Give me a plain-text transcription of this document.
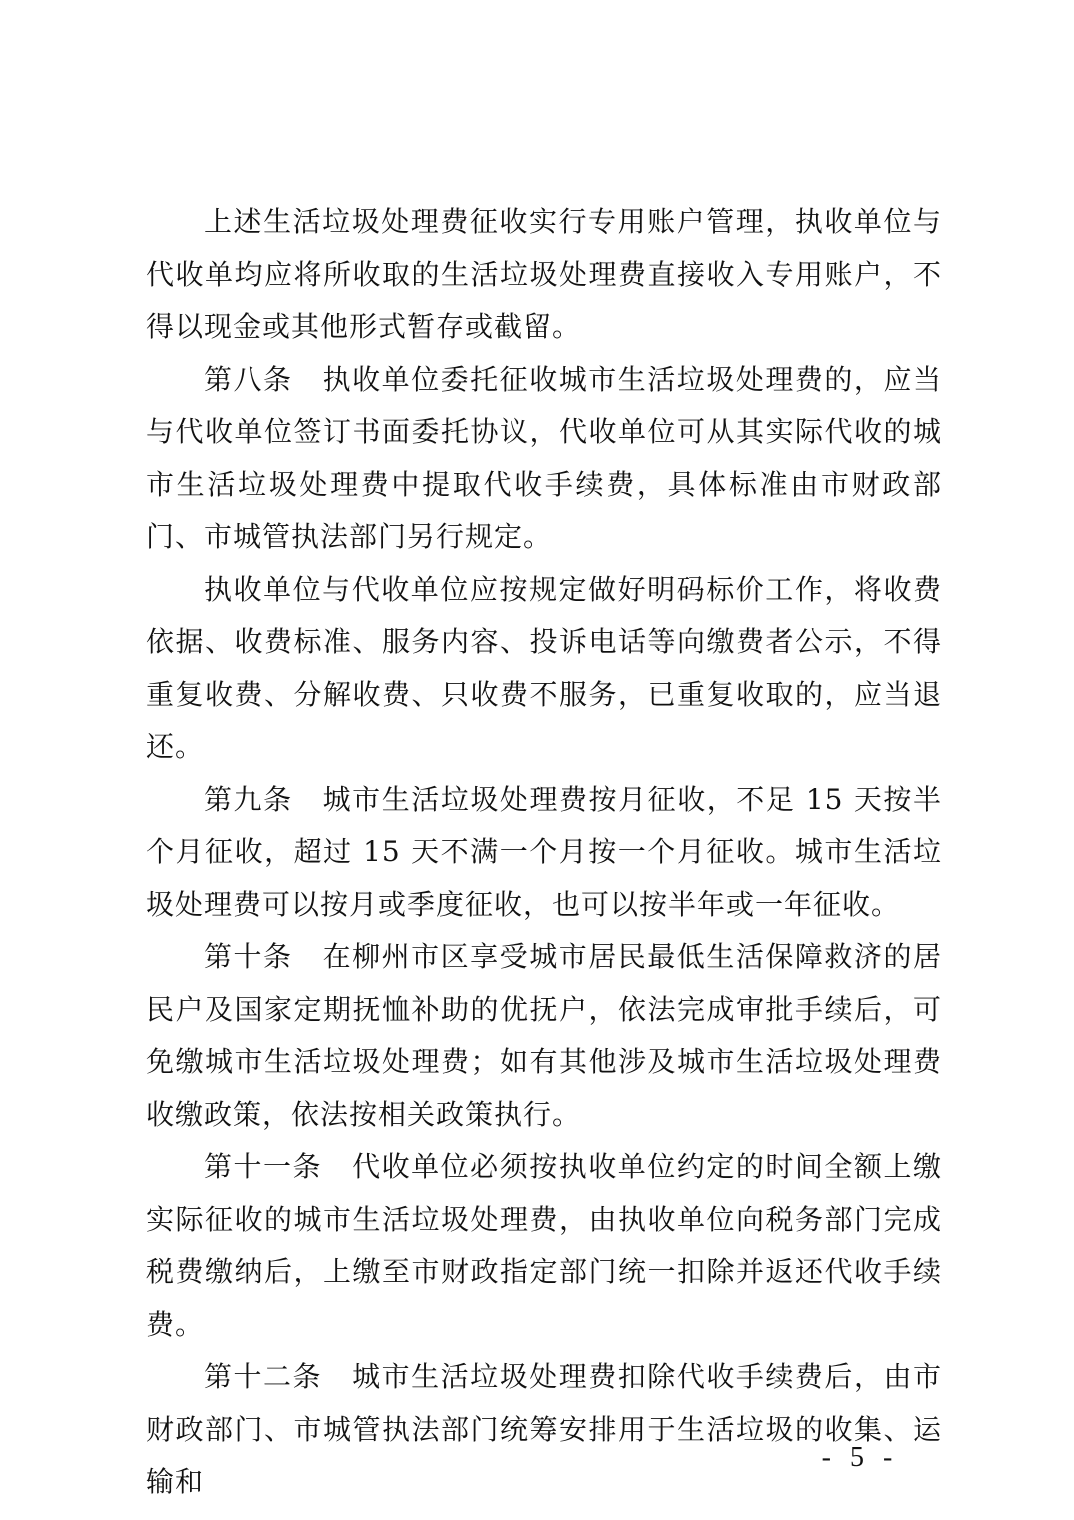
上述生活垃圾处理费征收实行专用账户管理，执收单位与代收单均应将所收取的生活垃圾处理费直接收入专用账户，不得以现金或其他形式暂存或截留。

第八条 执收单位委托征收城市生活垃圾处理费的，应当与代收单位签订书面委托协议，代收单位可从其实际代收的城市生活垃圾处理费中提取代收手续费，具体标准由市财政部门、市城管执法部门另行规定。

执收单位与代收单位应按规定做好明码标价工作，将收费依据、收费标准、服务内容、投诉电话等向缴费者公示，不得重复收费、分解收费、只收费不服务，已重复收取的，应当退还。

第九条 城市生活垃圾处理费按月征收，不足 15 天按半个月征收，超过 15 天不满一个月按一个月征收。城市生活垃圾处理费可以按月或季度征收，也可以按半年或一年征收。

第十条 在柳州市区享受城市居民最低生活保障救济的居民户及国家定期抚恤补助的优抚户，依法完成审批手续后，可免缴城市生活垃圾处理费；如有其他涉及城市生活垃圾处理费收缴政策，依法按相关政策执行。

第十一条 代收单位必须按执收单位约定的时间全额上缴实际征收的城市生活垃圾处理费，由执收单位向税务部门完成税费缴纳后，上缴至市财政指定部门统一扣除并返还代收手续费。

第十二条 城市生活垃圾处理费扣除代收手续费后，由市财政部门、市城管执法部门统筹安排用于生活垃圾的收集、运输和

- 5 -
